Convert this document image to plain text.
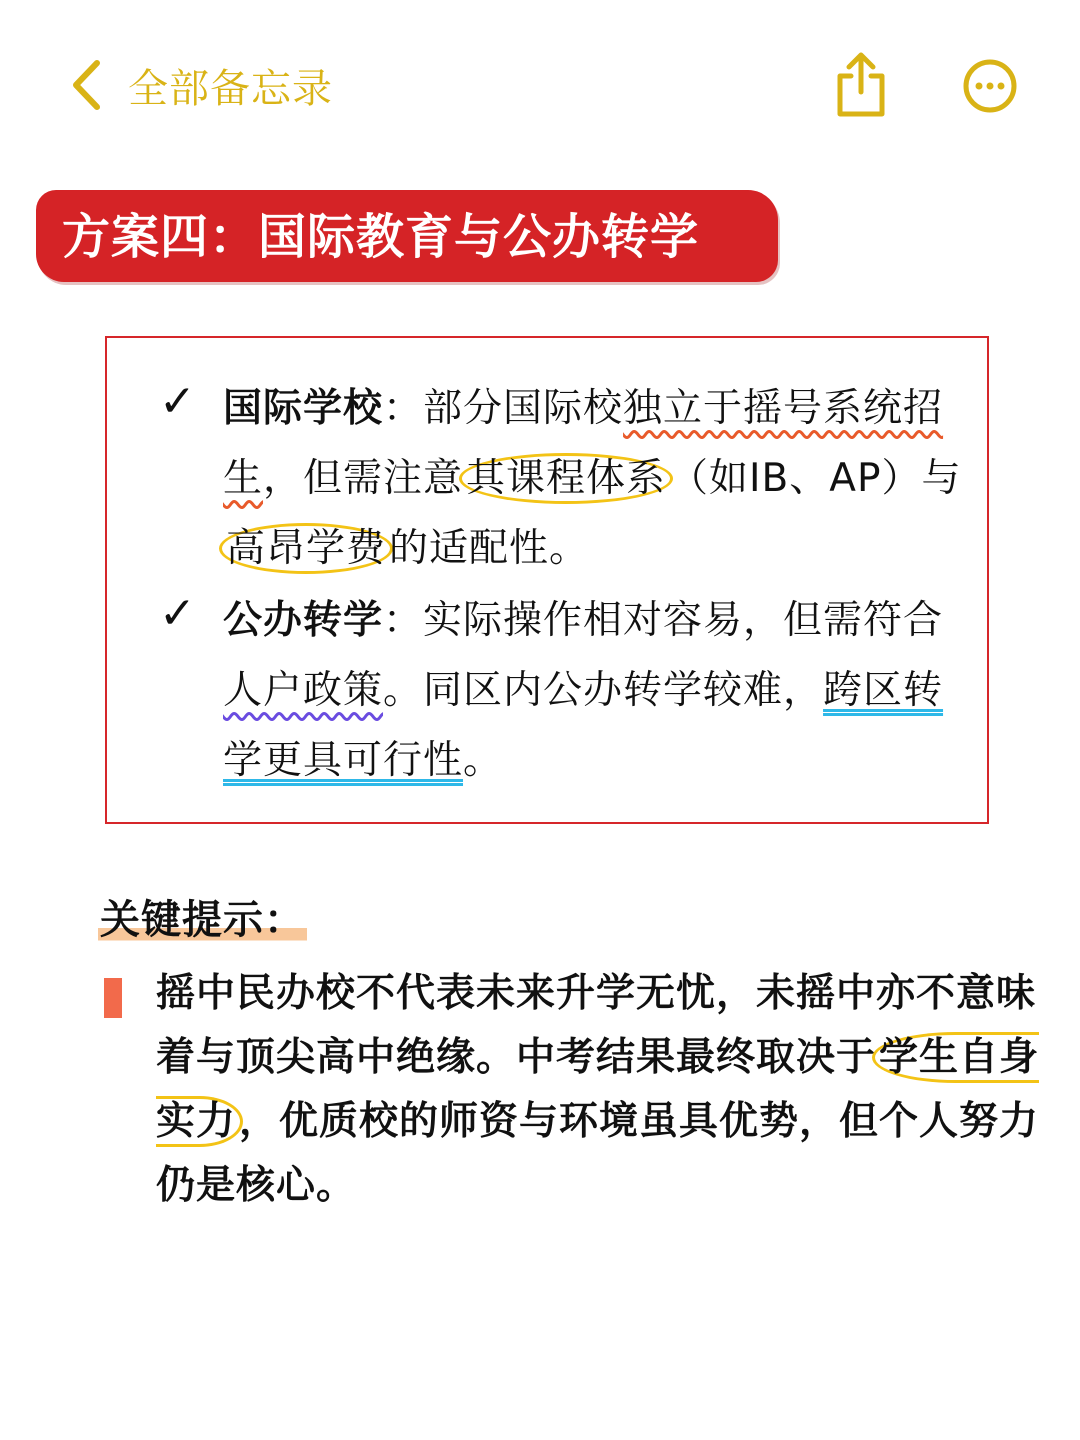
全部备忘录
方案四：国际教育与公办转学
✓ 国际学校：部分国际校独立于摇号系统招生，但需注意其课程体系（如IB、AP）与高昂学费的适配性。
✓ 公办转学：实际操作相对容易，但需符合人户政策。同区内公办转学较难，跨区转学更具可行性。
关键提示：
摇中民办校不代表未来升学无忧，未摇中亦不意味着与顶尖高中绝缘。中考结果最终取决于学生自身实力，优质校的师资与环境虽具优势，但个人努力仍是核心。
